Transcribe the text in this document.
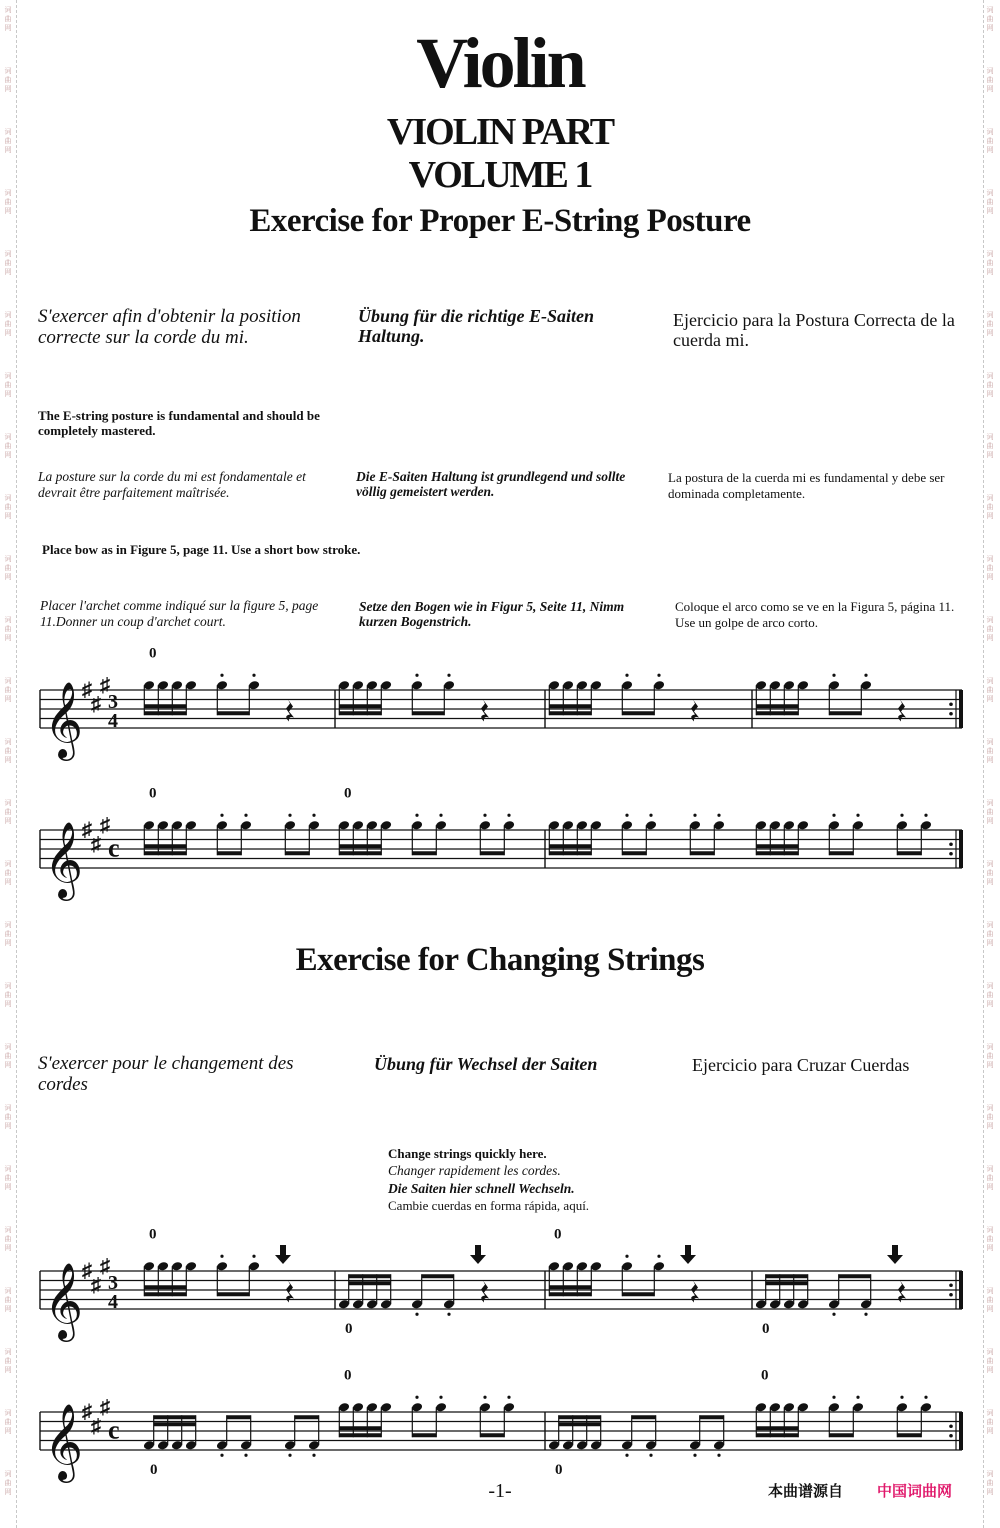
词
曲
网
词
曲
网
词
曲
网
词
曲
网
词
曲
网
词
曲
网
词
曲
网
词
曲
网
词
曲
网
词
曲
网
词
曲
网
词
曲
网
词
曲
网
词
曲
网
词
曲
网
词
曲
网
词
曲
网
词
曲
网
词
曲
网
词
曲
网
词
曲
网
词
曲
网
词
曲
网
词
曲
网
词
曲
网
词
曲
网
词
曲
网
词
曲
网
词
曲
网
词
曲
网
词
曲
网
词
曲
网
词
曲
网
词
曲
网
词
曲
网
词
曲
网
词
曲
网
词
曲
网
词
曲
网
词
曲
网
词
曲
网
词
曲
网
词
曲
网
词
曲
网
词
曲
网
词
曲
网
词
曲
网
词
曲
网
词
曲
网
词
曲
网
Violin
VIOLIN PART
VOLUME 1
Exercise for Proper E-String Posture
S'exercer afin d'obtenir la position correcte sur la corde du mi.
Übung für die richtige E-Saiten Haltung.
Ejercicio para la Postura Correcta de la cuerda mi.
The E-string posture is fundamental and should be completely mastered.
La posture sur la corde du mi est fondamentale et devrait être parfaitement maîtrisée.
Die E-Saiten Haltung ist grundlegend und sollte völlig gemeistert werden.
La postura de la cuerda mi es fundamental y debe ser dominada completamente.
Place bow as in Figure 5, page 11. Use a short bow stroke.
Placer l'archet comme indiqué sur la figure 5, page 11.Donner un coup d'archet court.
Setze den Bogen wie in Figur 5, Seite 11, Nimm kurzen Bogenstrich.
Coloque el arco como se ve en la Figura 5, página 11. Use un golpe de arco corto.
Exercise for Changing Strings
S'exercer pour le changement des cordes
Übung für Wechsel der Saiten	Ejercicio para Cruzar Cuerdas
Change strings quickly here.
Changer rapidement les cordes.
Die Saiten hier schnell Wechseln.
Cambie cuerdas en forma rápida, aquí.
𝄞
♯
♯
♯
3
4
0
𝄞
♯
♯
♯
c
0	0
𝄞
♯
♯
♯
3
4
0
0
0
0
𝄞
♯
♯
♯
c
0
0
0
0
-1-	本曲谱源自 中国词曲网
